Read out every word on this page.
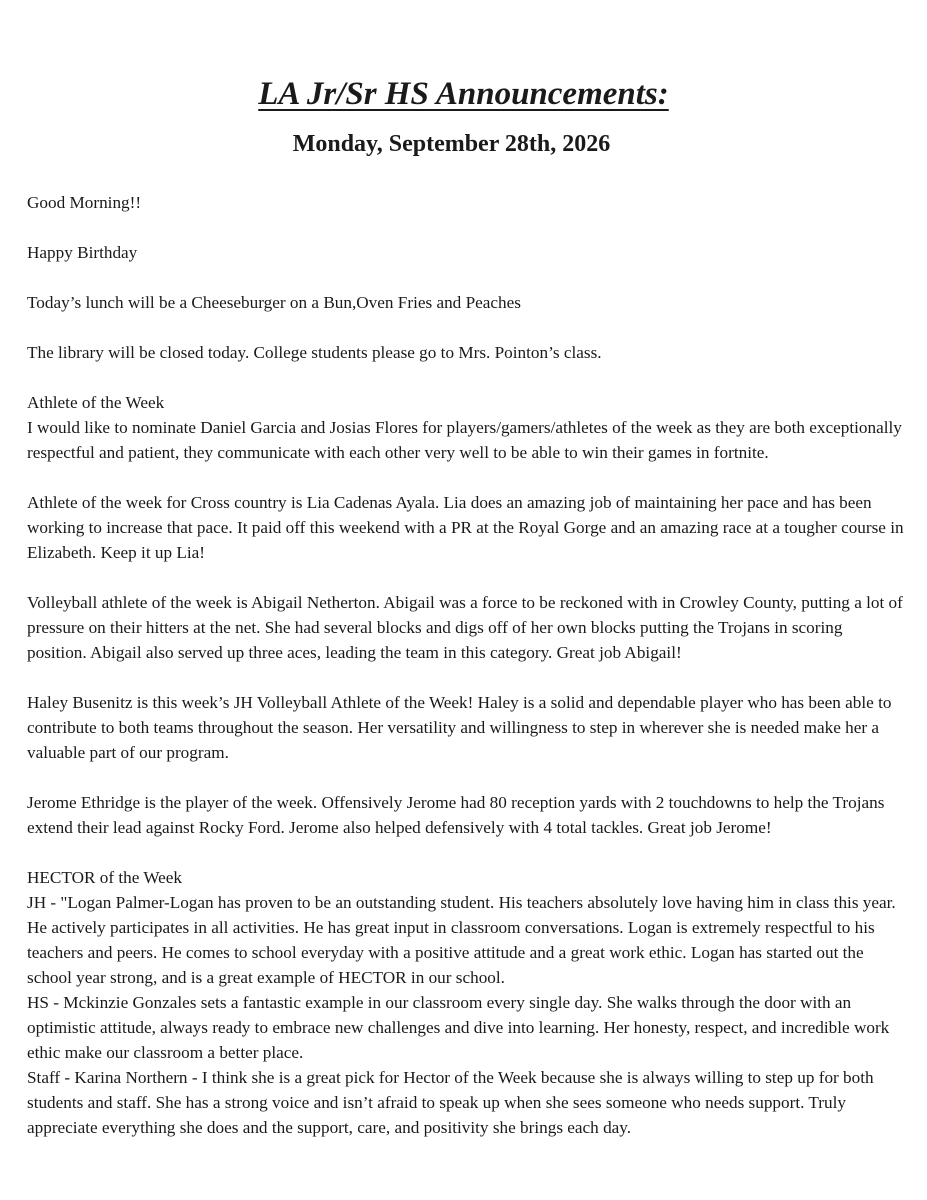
LA Jr/Sr HS Announcements:
Monday, September 28th, 2026

Good Morning!!

Happy Birthday

Today’s lunch will be a Cheeseburger on a Bun,Oven Fries and Peaches

The library will be closed today. College students please go to Mrs. Pointon’s class.

Athlete of the Week

I would like to nominate Daniel Garcia and Josias Flores for players/gamers/athletes of the week as they are both exceptionally respectful and patient, they communicate with each other very well to be able to win their games in fortnite.

Athlete of the week for Cross country is Lia Cadenas Ayala. Lia does an amazing job of maintaining her pace and has been working to increase that pace. It paid off this weekend with a PR at the Royal Gorge and an amazing race at a tougher course in Elizabeth. Keep it up Lia!

Volleyball athlete of the week is Abigail Netherton. Abigail was a force to be reckoned with in Crowley County, putting a lot of pressure on their hitters at the net. She had several blocks and digs off of her own blocks putting the Trojans in scoring position. Abigail also served up three aces, leading the team in this category. Great job Abigail!

Haley Busenitz is this week’s JH Volleyball Athlete of the Week! Haley is a solid and dependable player who has been able to contribute to both teams throughout the season. Her versatility and willingness to step in wherever she is needed make her a valuable part of our program.

Jerome Ethridge is the player of the week. Offensively Jerome had 80 reception yards with 2 touchdowns to help the Trojans extend their lead against Rocky Ford. Jerome also helped defensively with 4 total tackles. Great job Jerome!

HECTOR of the Week

JH - "Logan Palmer-Logan has proven to be an outstanding student. His teachers absolutely love having him in class this year. He actively participates in all activities. He has great input in classroom conversations. Logan is extremely respectful to his teachers and peers. He comes to school everyday with a positive attitude and a great work ethic. Logan has started out the school year strong, and is a great example of HECTOR in our school.

HS - Mckinzie Gonzales sets a fantastic example in our classroom every single day. She walks through the door with an optimistic attitude, always ready to embrace new challenges and dive into learning. Her honesty, respect, and incredible work ethic make our classroom a better place.

Staff - Karina Northern - I think she is a great pick for Hector of the Week because she is always willing to step up for both students and staff. She has a strong voice and isn’t afraid to speak up when she sees someone who needs support. Truly appreciate everything she does and the support, care, and positivity she brings each day.
